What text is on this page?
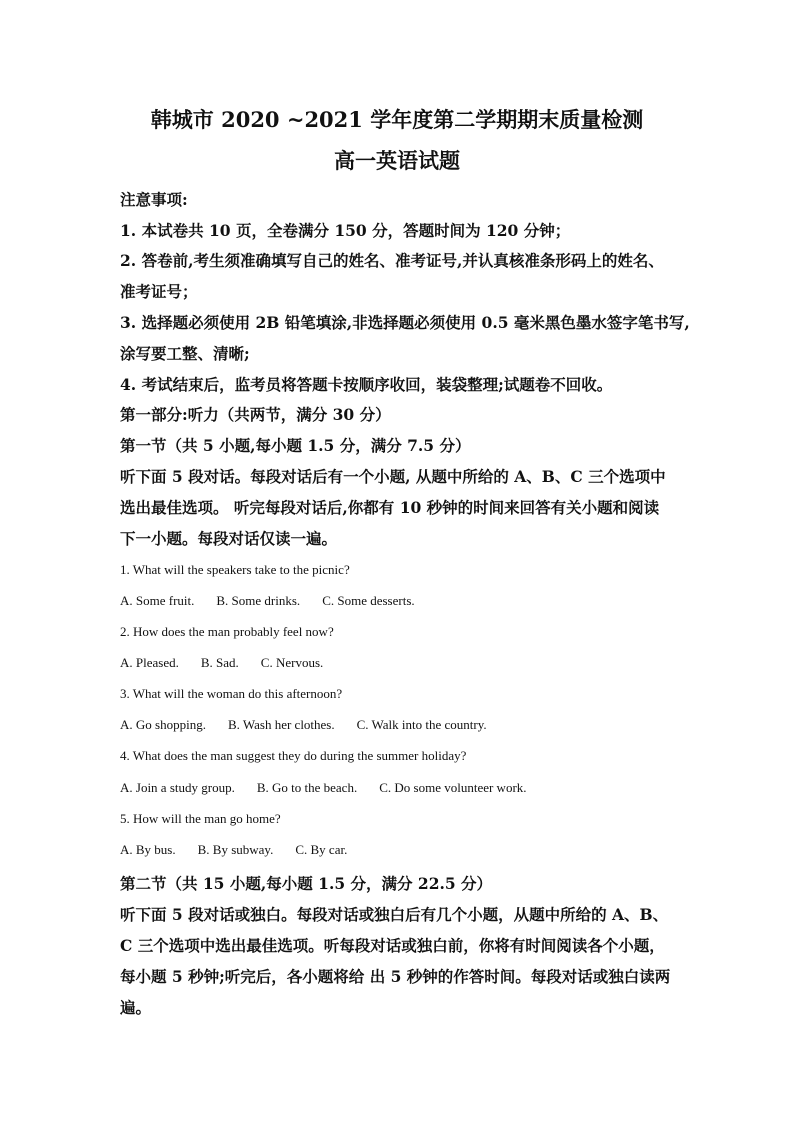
韩城市 2020 ~2021 学年度第二学期期末质量检测
高一英语试题
注意事项:
1. 本试卷共 10 页，全卷满分 150 分，答题时间为 120 分钟；
2. 答卷前,考生须准确填写自己的姓名、准考证号,并认真核准条形码上的姓名、
准考证号；
3. 选择题必须使用 2B 铅笔填涂,非选择题必须使用 0.5 毫米黑色墨水签字笔书写,
涂写要工整、清晰;
4. 考试结束后，监考员将答题卡按顺序收回，装袋整理;试题卷不回收。
第一部分:听力（共两节，满分 30 分）
第一节（共 5 小题,每小题 1.5 分，满分 7.5 分）
听下面 5 段对话。每段对话后有一个小题, 从题中所给的 A、B、C 三个选项中
选出最佳选项。 听完每段对话后,你都有 10 秒钟的时间来回答有关小题和阅读
下一小题。每段对话仅读一遍。
1. What will the speakers take to the picnic?
A. Some fruit. B. Some drinks. C. Some desserts.
2. How does the man probably feel now?
A. Pleased. B. Sad. C. Nervous.
3. What will the woman do this afternoon?
A. Go shopping. B. Wash her clothes. C. Walk into the country.
4. What does the man suggest they do during the summer holiday?
A. Join a study group. B. Go to the beach. C. Do some volunteer work.
5. How will the man go home?
A. By bus. B. By subway. C. By car.
第二节（共 15 小题,每小题 1.5 分，满分 22.5 分）
听下面 5 段对话或独白。每段对话或独白后有几个小题，从题中所给的 A、B、
C 三个选项中选出最佳选项。听每段对话或独白前，你将有时间阅读各个小题，
每小题 5 秒钟;听完后，各小题将给 出 5 秒钟的作答时间。每段对话或独白读两
遍。
